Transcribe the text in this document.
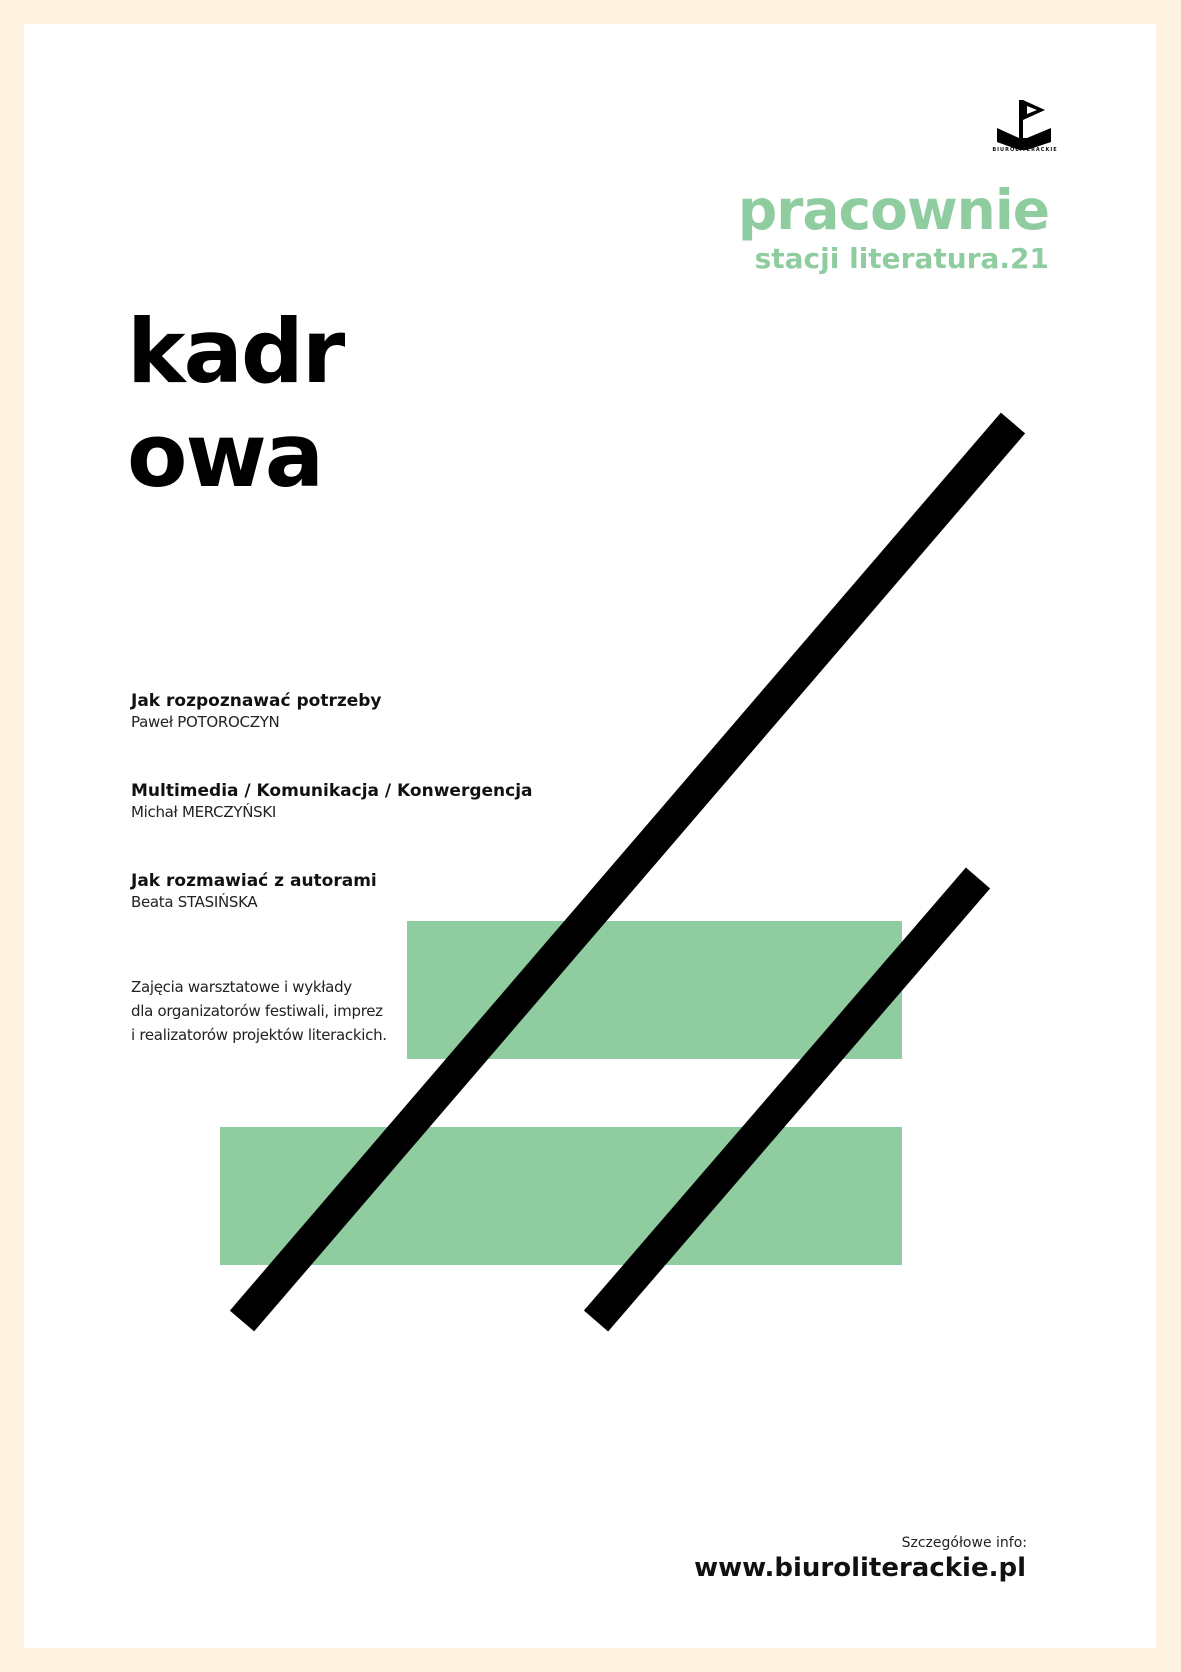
BIUROLITERACKIE
pracownie
stacji literatura.21
kadr
owa
Jak rozpoznawać potrzeby
Paweł POTOROCZYN
Multimedia / Komunikacja / Konwergencja
Michał MERCZYŃSKI
Jak rozmawiać z autorami
Beata STASIŃSKA
Zajęcia warsztatowe i wykłady
dla organizatorów festiwali, imprez
i realizatorów projektów literackich.
Szczegółowe info:
www.biuroliterackie.pl
